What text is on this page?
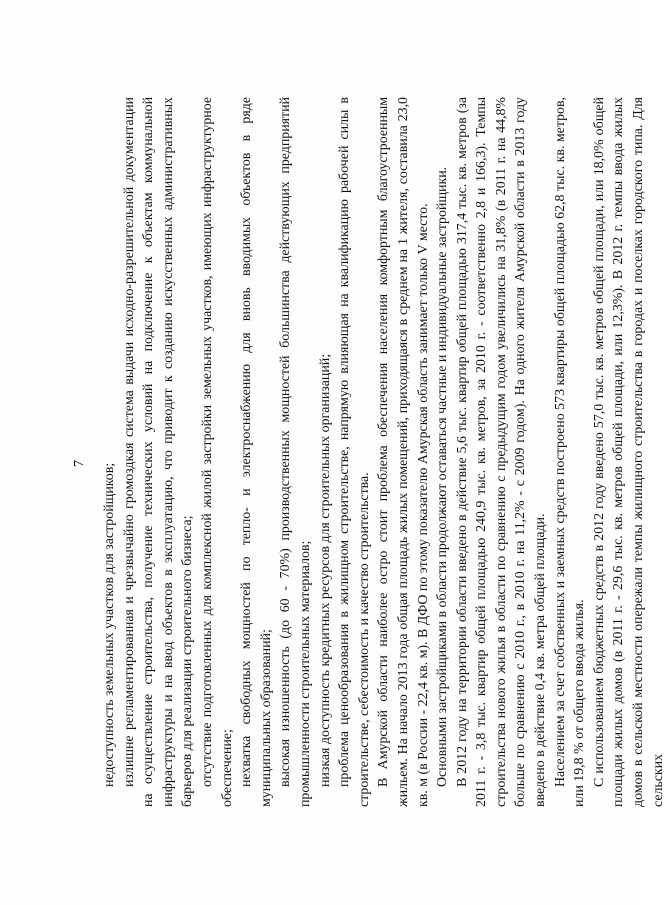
7 недоступность земельных участков для застройщиков; излишне регламентированная и чрезвычайно громоздкая система выдачи исходно-разрешительной документации на осуществление строительства, получение технических условий на подключение к объектам коммунальной инфраструктуры и на ввод объектов в эксплуатацию, что приводит к созданию искусственных административных барьеров для реализации строительного бизнеса; отсутствие подготовленных для комплексной жилой застройки земельных участков, имеющих инфраструктурное обеспечение; нехватка свободных мощностей по тепло- и электроснабжению для вновь вводимых объектов в ряде муниципальных образований; высокая изношенность (до 60 - 70%) производственных мощностей большинства действующих предприятий промышленности строительных материалов; низкая доступность кредитных ресурсов для строительных организаций; проблема ценообразования в жилищном строительстве, напрямую влияющая на квалификацию рабочей силы в строительстве, себестоимость и качество строительства. В Амурской области наиболее остро стоит проблема обеспечения населения комфортным благоустроенным жильем. На начало 2013 года общая площадь жилых помещений, приходящаяся в среднем на 1 жителя, составила 23,0 кв. м (в России - 22,4 кв. м). В ДФО по этому показателю Амурская область занимает только V место. Основными застройщиками в области продолжают оставаться частные и индивидуальные застройщики. В 2012 году на территории области введено в действие 5,6 тыс. квартир общей площадью 317,4 тыс. кв. метров (за 2011 г. - 3,8 тыс. квартир общей площадью 240,9 тыс. кв. метров, за 2010 г. - соответственно 2,8 и 166,3). Темпы строительства нового жилья в области по сравнению с предыдущим годом увеличились на 31,8% (в 2011 г. на 44,8% больше по сравнению с 2010 г., в 2010 г. на 11,2% - с 2009 годом). На одного жителя Амурской области в 2013 году введено в действие 0,4 кв. метра общей площади. Населением за счет собственных и заемных средств построено 573 квартиры общей площадью 62,8 тыс. кв. метров, или 19,8 % от общего ввода жилья. С использованием бюджетных средств в 2012 году введено 57,0 тыс. кв. метров общей площади, или 18,0% общей площади жилых домов (в 2011 г. - 29,6 тыс. кв. метров общей площади, или 12,3%). В 2012 г. темпы ввода жилых домов в сельской местности опережали темпы жилищного строительства в городах и поселках городского типа. Для сельских
